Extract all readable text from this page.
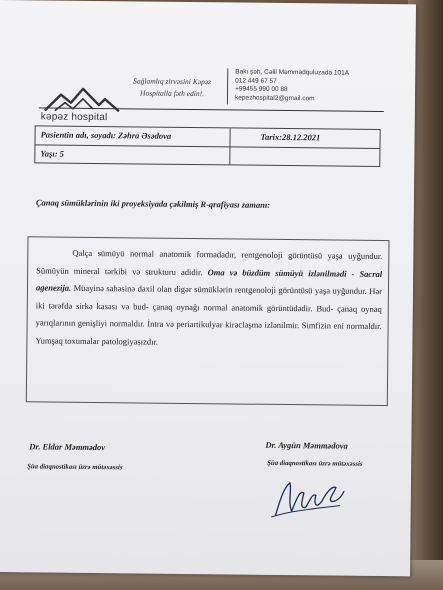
kəpəz hospital
Sağlamlıq zirvəsini Kəpəz Hospitalla fəth edin!.
Bakı şəh, Cəlil Məmmədquluzadə 101A
012 449 67 57
+99455 990 00 88
kepezhospital2@gmail.com
Pasientin adı, soyadı: Zəhra Əsədova	Tarix:28.12.2021
Yaşı: 5
Çanaq sümüklərinin iki proyeksiyada çəkilmiş R-qrafiyası zamanı:
Qalça sümüyü normal anatomik formadadır, rentgenoloji görüntüsü yaşa uyğundur. Sümüyün mineral tərkibi və strukturu adidir. Oma və büzdüm sümüyü izlənilmədi - Sacral agenezija. Müayinə sahəsinə daxil olan digər sümüklərin rentgenoloji görüntüsü yaşa uyğundur. Hər iki tərəfdə sirkə kasası və bud- çanaq oynağı normal anatomik görüntüdədir. Bud- çanaq oynaq yarıqlarının genişliyi normaldır. İntra və periartikulyar kirəcləşmə izlənilmir. Simfizin eni normaldır. Yumşaq toxumalar patologiyasızdır.
Dr. Eldar Məmmədov
Şüa diaqnostikası üzrə mütəxəssis
Dr. Aygün Məmmədova
Şüa diaqnostikası üzrə mütəxəssis
